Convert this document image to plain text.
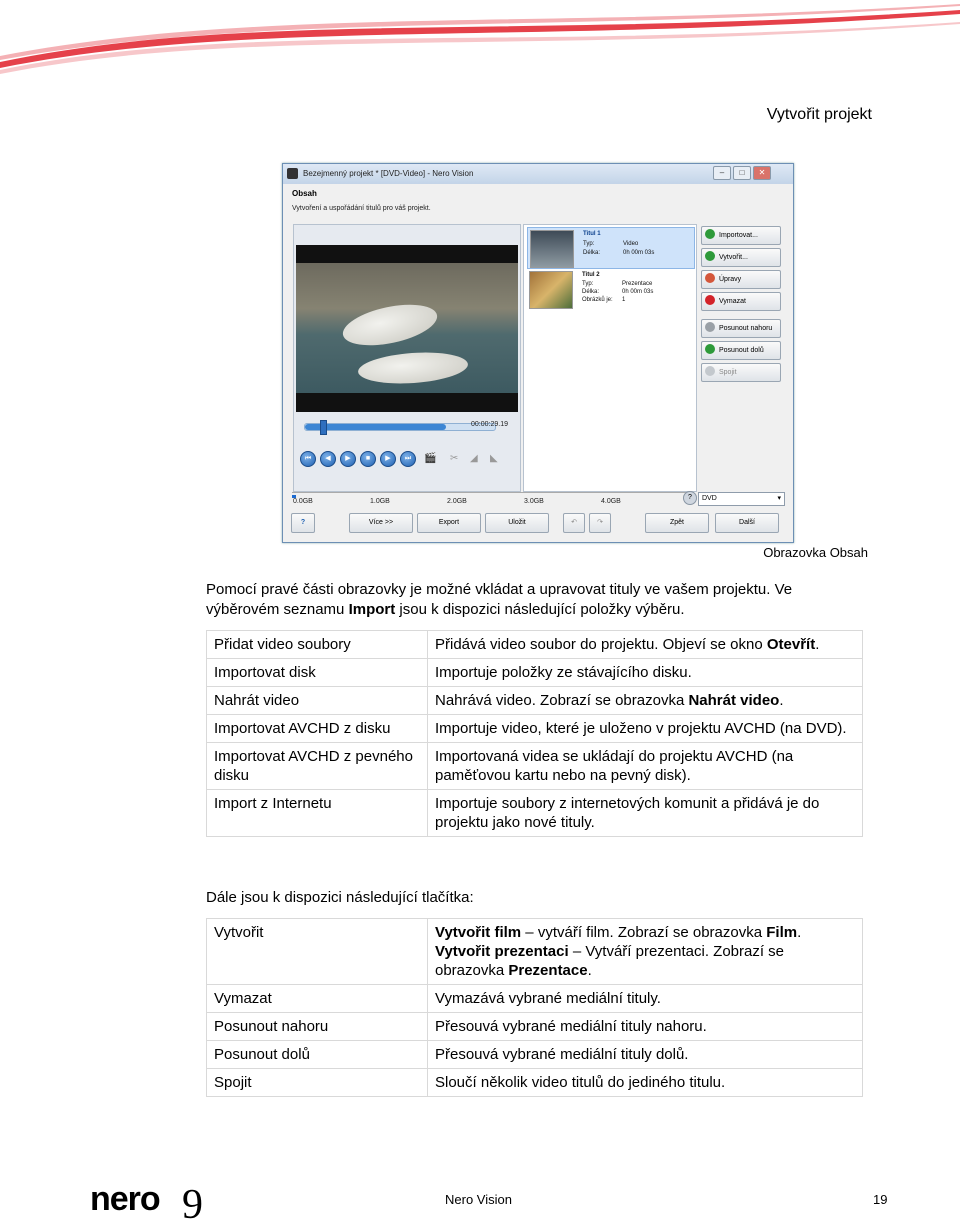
Vytvořit projekt
Bezejmenný projekt * [DVD-Video] - Nero Vision	–	□	✕
Obsah
Vytvoření a uspořádání titulů pro váš projekt.
00:00:29.19
⏮	◀	▶	■	▶	⏭	🎬 ✂ ◢ ◣
Titul 1
Typ:	Video
Délka:	0h 00m 03s
Titul 2
Typ:	Prezentace
Délka:	0h 00m 03s
Obrázků je: 1
Importovat...
Vytvořit...
Úpravy
Vymazat
Posunout nahoru
Posunout dolů
Spojit
0.0GB	1.0GB	2.0GB	3.0GB	4.0GB
?	DVD	▾
?	Více >>	Export	Uložit	↶	↷	Zpět	Další
Obrazovka Obsah
Pomocí pravé části obrazovky je možné vkládat a upravovat tituly ve vašem projektu. Ve
výběrovém seznamu Import jsou k dispozici následující položky výběru.
Přidat video soubory	Přidává video soubor do projektu. Objeví se okno Otevřít.
Importovat disk	Importuje položky ze stávajícího disku.
Nahrát video	Nahrává video. Zobrazí se obrazovka Nahrát video.
Importovat AVCHD z disku	Importuje video, které je uloženo v projektu AVCHD (na DVD).
Importovat AVCHD z pevného disku	Importovaná videa se ukládají do projektu AVCHD (na paměťovou kartu nebo na pevný disk).
Import z Internetu	Importuje soubory z internetových komunit a přidává je do projektu jako nové tituly.
Dále jsou k dispozici následující tlačítka:
Vytvořit	Vytvořit film – vytváří film. Zobrazí se obrazovka Film.
Vytvořit prezentaci – Vytváří prezentaci. Zobrazí se obrazovka Prezentace.
Vymazat	Vymazává vybrané mediální tituly.
Posunout nahoru	Přesouvá vybrané mediální tituly nahoru.
Posunout dolů	Přesouvá vybrané mediální tituly dolů.
Spojit	Sloučí několik video titulů do jediného titulu.
nero 9	Nero Vision	19
